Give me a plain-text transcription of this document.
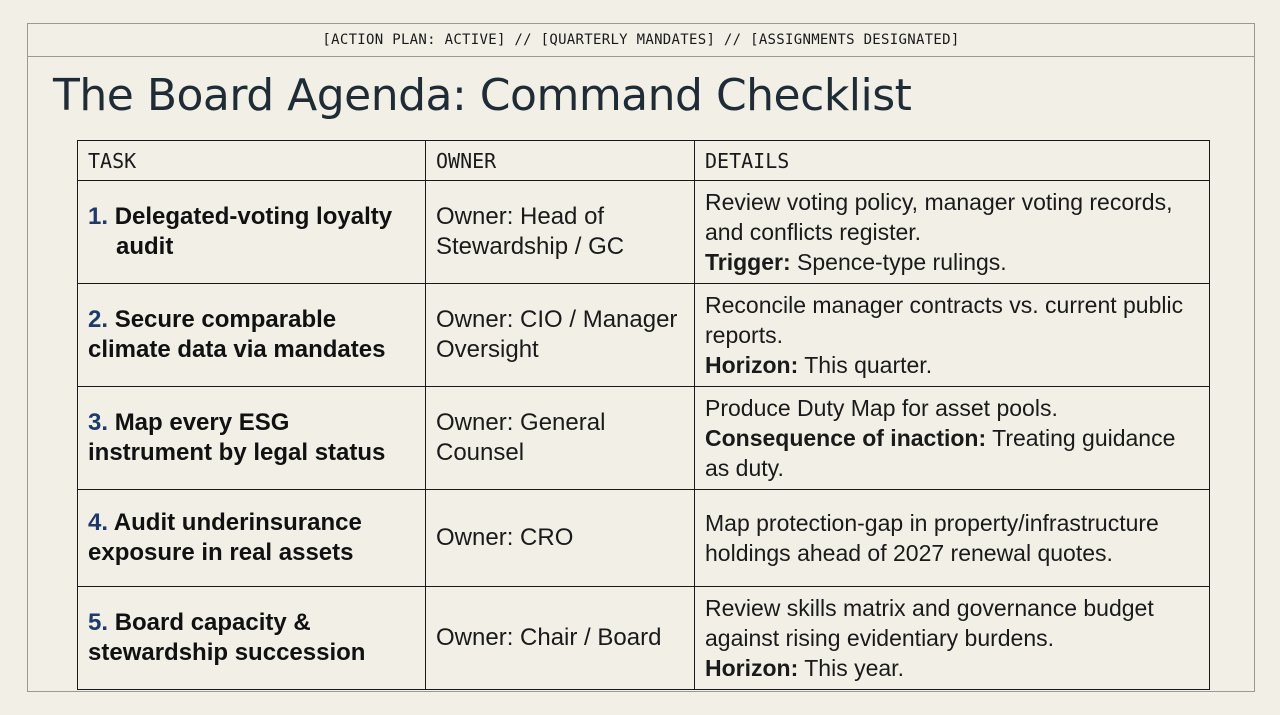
[ACTION PLAN: ACTIVE] // [QUARTERLY MANDATES] // [ASSIGNMENTS DESIGNATED]
The Board Agenda: Command Checklist
TASK	OWNER	DETAILS

1. Delegated-voting loyalty audit	Owner: Head of Stewardship / GC	Review voting policy, manager voting records, and conflicts register.
Trigger: Spence-type rulings.
2. Secure comparable climate data via mandates	Owner: CIO / Manager Oversight	Reconcile manager contracts vs. current public reports.
Horizon: This quarter.
3. Map every ESG instrument by legal status	Owner: General Counsel	Produce Duty Map for asset pools.
Consequence of inaction: Treating guidance as duty.
4. Audit underinsurance exposure in real assets	Owner: CRO	Map protection-gap in property/infrastructure holdings ahead of 2027 renewal quotes.
5. Board capacity & stewardship succession	Owner: Chair / Board	Review skills matrix and governance budget against rising evidentiary burdens.
Horizon: This year.
